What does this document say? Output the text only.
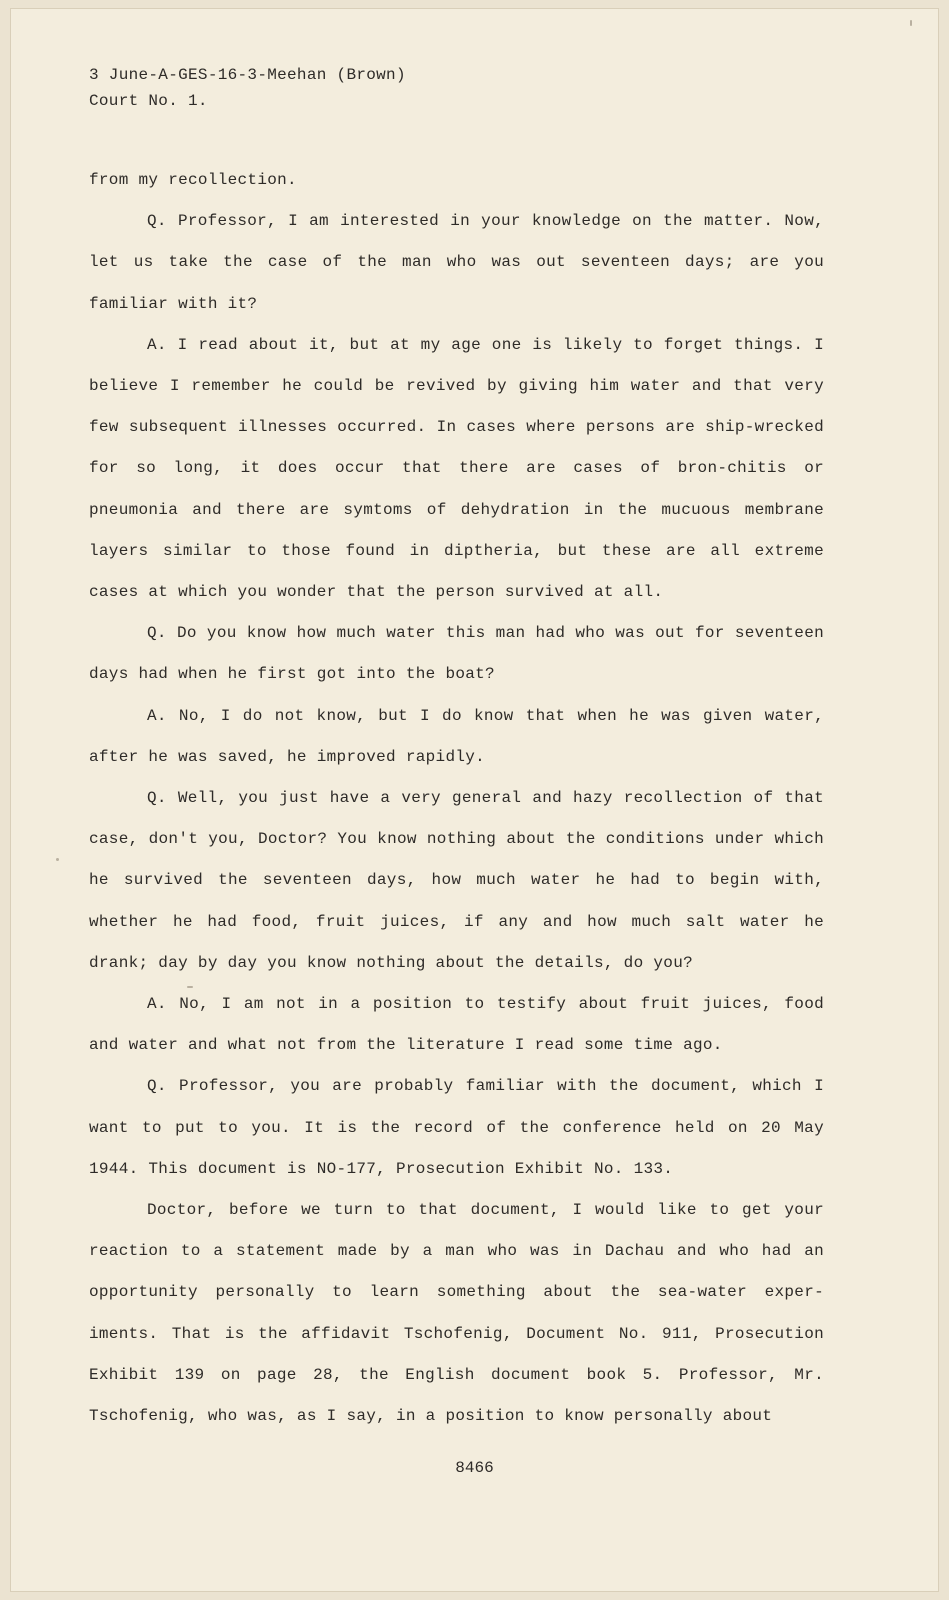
3 June-A-GES-16-3-Meehan (Brown)
Court No. 1.

from my recollection.

Q. Professor, I am interested in your knowledge on the matter. Now, let us take the case of the man who was out seventeen days; are you familiar with it?

A. I read about it, but at my age one is likely to forget things. I believe I remember he could be revived by giving him water and that very few subsequent illnesses occurred. In cases where persons are ship-wrecked for so long, it does occur that there are cases of bron-chitis or pneumonia and there are symtoms of dehydration in the mucuous membrane layers similar to those found in diptheria, but these are all extreme cases at which you wonder that the person survived at all.

Q. Do you know how much water this man had who was out for seventeen days had when he first got into the boat?

A. No, I do not know, but I do know that when he was given water, after he was saved, he improved rapidly.

Q. Well, you just have a very general and hazy recollection of that case, don't you, Doctor? You know nothing about the conditions under which he survived the seventeen days, how much water he had to begin with, whether he had food, fruit juices, if any and how much salt water he drank; day by day you know nothing about the details, do you?

A. No, I am not in a position to testify about fruit juices, food and water and what not from the literature I read some time ago.

Q. Professor, you are probably familiar with the document, which I want to put to you. It is the record of the conference held on 20 May 1944. This document is NO-177, Prosecution Exhibit No. 133.

Doctor, before we turn to that document, I would like to get your reaction to a statement made by a man who was in Dachau and who had an opportunity personally to learn something about the sea-water exper-iments. That is the affidavit Tschofenig, Document No. 911, Prosecution Exhibit 139 on page 28, the English document book 5. Professor, Mr. Tschofenig, who was, as I say, in a position to know personally about

8466
